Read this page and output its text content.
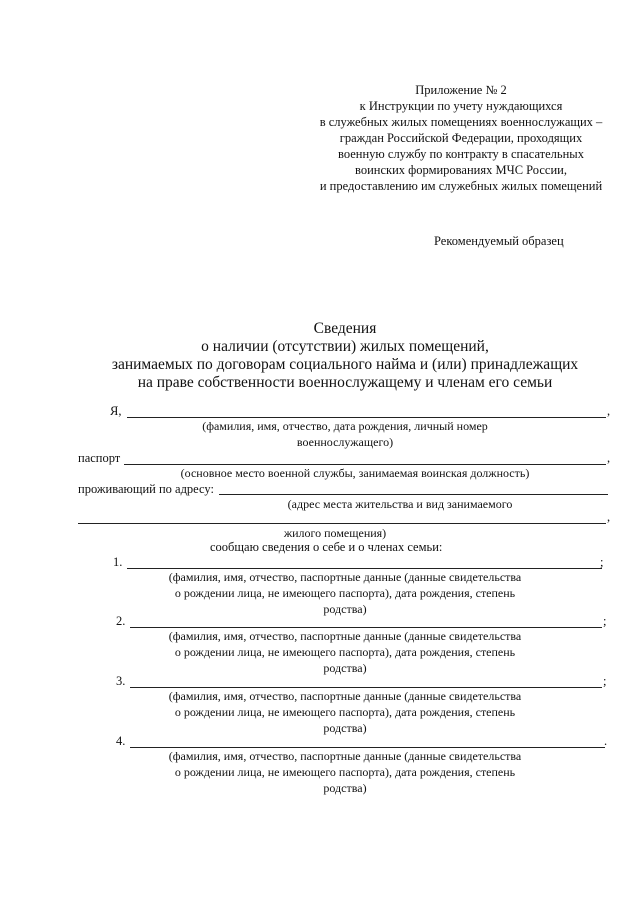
Приложение № 2
к Инструкции по учету нуждающихся
в служебных жилых помещениях военнослужащих –
граждан Российской Федерации, проходящих
военную службу по контракту в спасательных
воинских формированиях МЧС России,
и предоставлению им служебных жилых помещений
Рекомендуемый образец
Сведения
о наличии (отсутствии) жилых помещений,
занимаемых по договорам социального найма и (или) принадлежащих
на праве собственности военнослужащему и членам его семьи
Я,	,
(фамилия, имя, отчество, дата рождения, личный номер
военнослужащего)
паспорт	,
(основное место военной службы, занимаемая воинская должность)
проживающий по адресу:
(адрес места жительства и вид занимаемого
,
жилого помещения)
сообщаю сведения о себе и о членах семьи:
1.	;
(фамилия, имя, отчество, паспортные данные (данные свидетельства
о рождении лица, не имеющего паспорта), дата рождения, степень
родства)
2.	;
(фамилия, имя, отчество, паспортные данные (данные свидетельства
о рождении лица, не имеющего паспорта), дата рождения, степень
родства)
3.	;
(фамилия, имя, отчество, паспортные данные (данные свидетельства
о рождении лица, не имеющего паспорта), дата рождения, степень
родства)
4.	.
(фамилия, имя, отчество, паспортные данные (данные свидетельства
о рождении лица, не имеющего паспорта), дата рождения, степень
родства)
